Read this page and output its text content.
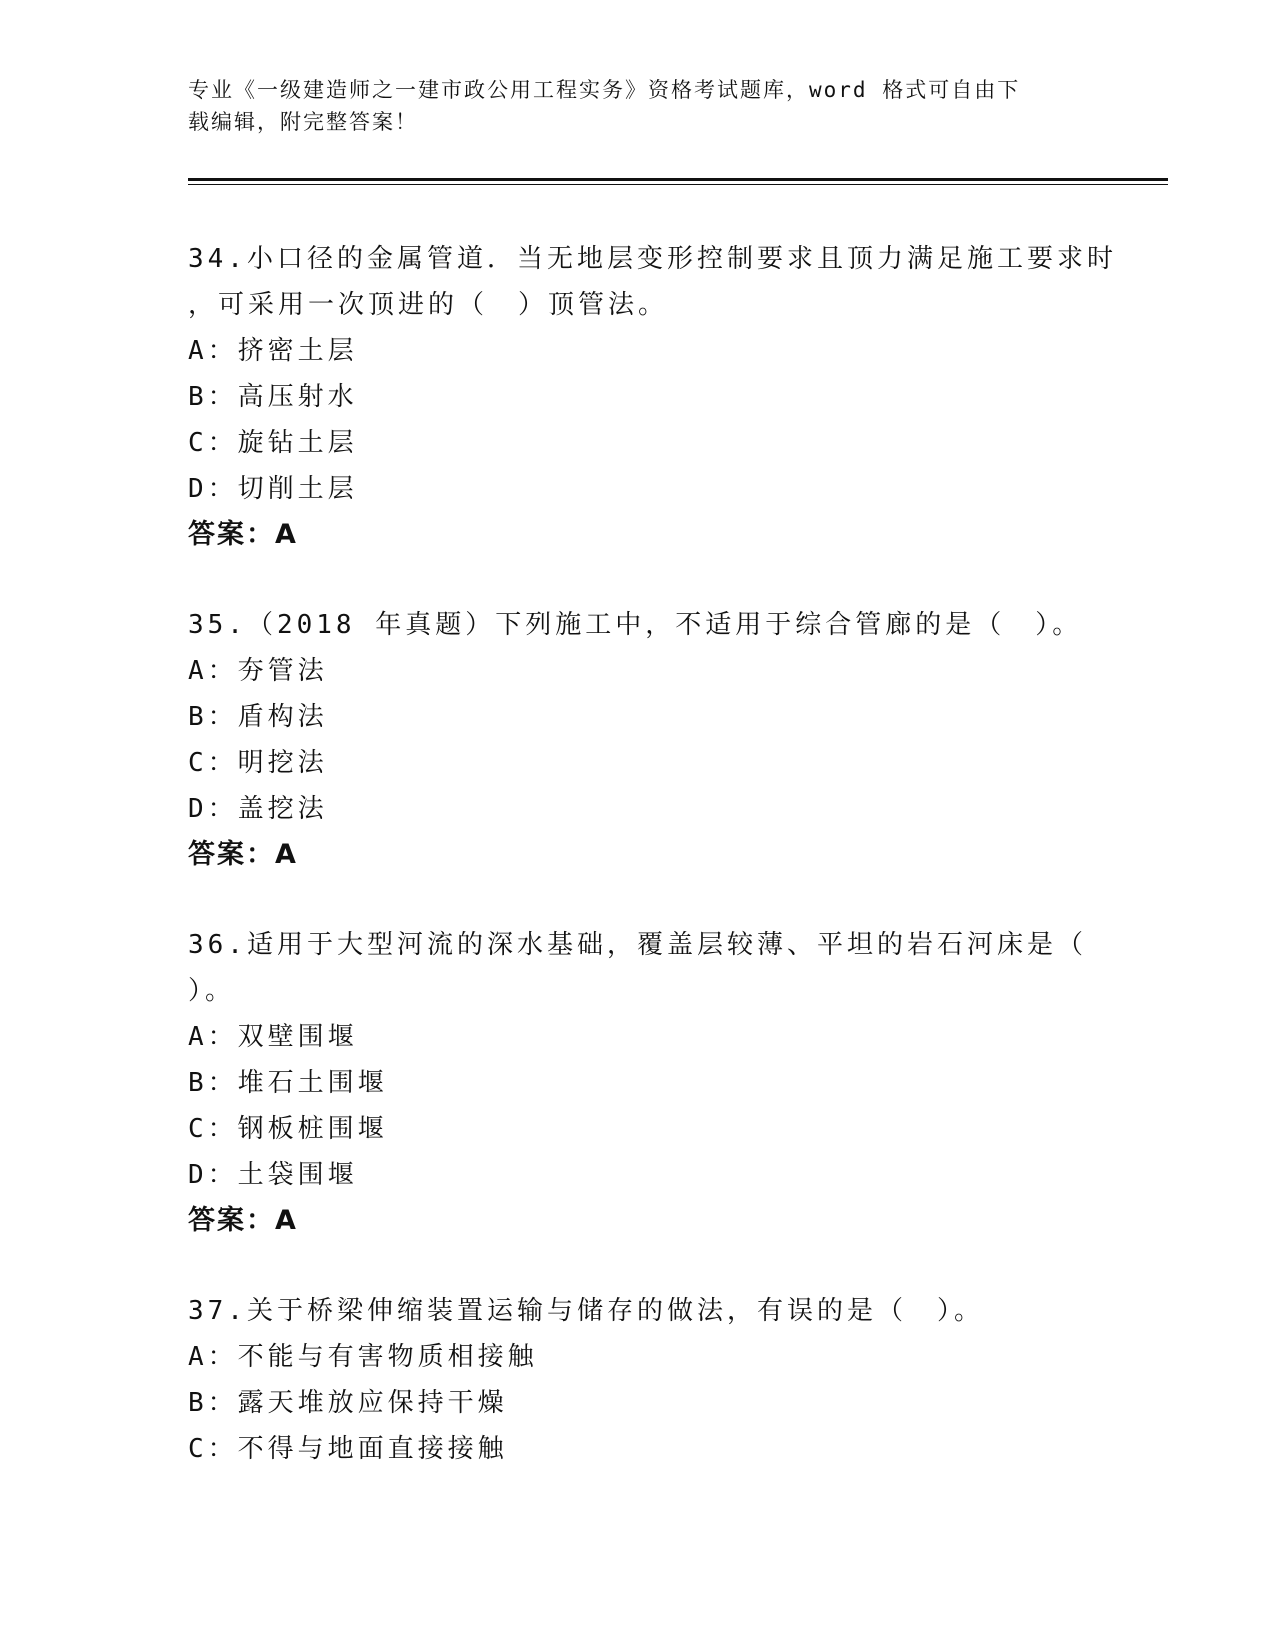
专业《一级建造师之一建市政公用工程实务》资格考试题库，word 格式可自由下

载编辑，附完整答案！

34.小口径的金属管道．当无地层变形控制要求且顶力满足施工要求时

，可采用一次顶进的（　）顶管法。

A：挤密土层

B：高压射水

C：旋钻土层

D：切削土层

答案：A

35.（2018 年真题）下列施工中，不适用于综合管廊的是（　）。

A：夯管法

B：盾构法

C：明挖法

D：盖挖法

答案：A

36.适用于大型河流的深水基础，覆盖层较薄、平坦的岩石河床是（

）。

A：双壁围堰

B：堆石土围堰

C：钢板桩围堰

D：土袋围堰

答案：A

37.关于桥梁伸缩装置运输与储存的做法，有误的是（　）。

A：不能与有害物质相接触

B：露天堆放应保持干燥

C：不得与地面直接接触
